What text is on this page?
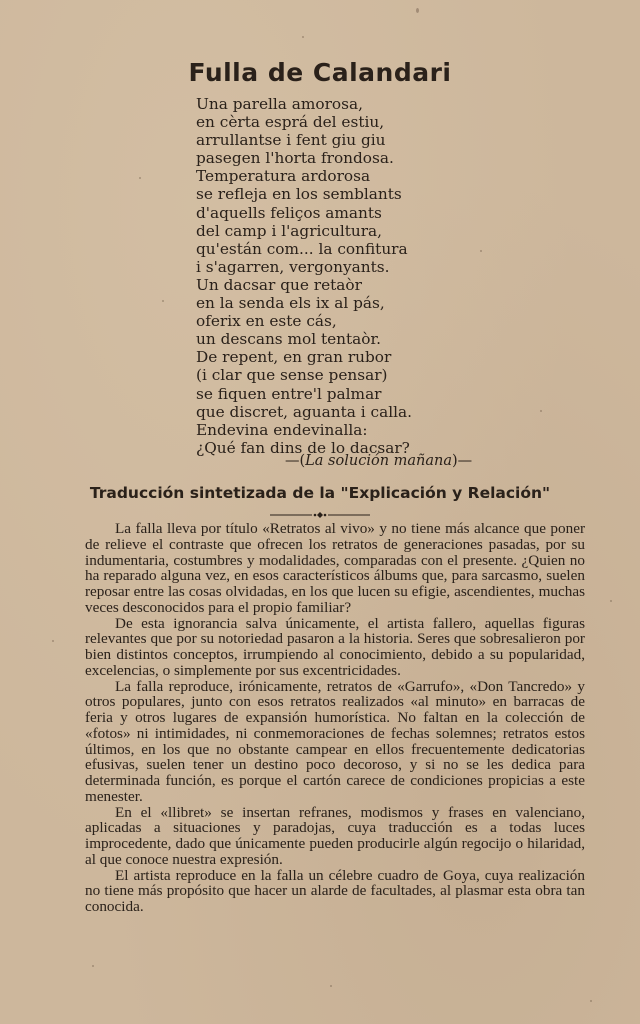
Fulla de Calandari
Una parella amorosa,
en cèrta esprá del estiu,
arrullantse i fent giu giu
pasegen l'horta frondosa.
Temperatura ardorosa
se refleja en los semblants
d'aquells feliços amants
del camp i l'agricultura,
qu'están com... la confitura
i s'agarren, vergonyants.
Un dacsar que retaòr
en la senda els ix al pás,
oferix en este cás,
un descans mol tentaòr.
De repent, en gran rubor
(i clar que sense pensar)
se fiquen entre'l palmar
que discret, aguanta i calla.
Endevina endevinalla:
¿Qué fan dins de lo dacsar?
—(La solución mañana)—
Traducción sintetizada de la "Explicación y Relación"

La falla lleva por título «Retratos al vivo» y no tiene más alcance que poner de relieve el contraste que ofrecen los retratos de generaciones pasadas, por su indumentaria, costumbres y modalidades, comparadas con el presente. ¿Quien no ha reparado alguna vez, en esos característicos álbums que, para sarcasmo, suelen reposar entre las cosas olvidadas, en los que lucen su efigie, ascendientes, muchas veces desconocidos para el propio familiar?

De esta ignorancia salva únicamente, el artista fallero, aquellas figuras relevantes que por su notoriedad pasaron a la historia. Seres que sobresalieron por bien distintos conceptos, irrumpiendo al conocimiento, debido a su popularidad, excelencias, o simplemente por sus excentricidades.

La falla reproduce, irónicamente, retratos de «Garrufo», «Don Tancredo» y otros populares, junto con esos retratos realizados «al minuto» en barracas de feria y otros lugares de expansión humorística. No faltan en la colección de «fotos» ni intimidades, ni conmemoraciones de fechas solemnes; retratos estos últimos, en los que no obstante campear en ellos frecuentemente dedicatorias efusivas, suelen tener un destino poco decoroso, y si no se les dedica para determinada función, es porque el cartón carece de condiciones propicias a este menester.

En el «llibret» se insertan refranes, modismos y frases en valenciano, aplicadas a situaciones y paradojas, cuya traducción es a todas luces improcedente, dado que únicamente pueden producirle algún regocijo o hilaridad, al que conoce nuestra expresión.

El artista reproduce en la falla un célebre cuadro de Goya, cuya realización no tiene más propósito que hacer un alarde de facultades, al plasmar esta obra tan conocida.
